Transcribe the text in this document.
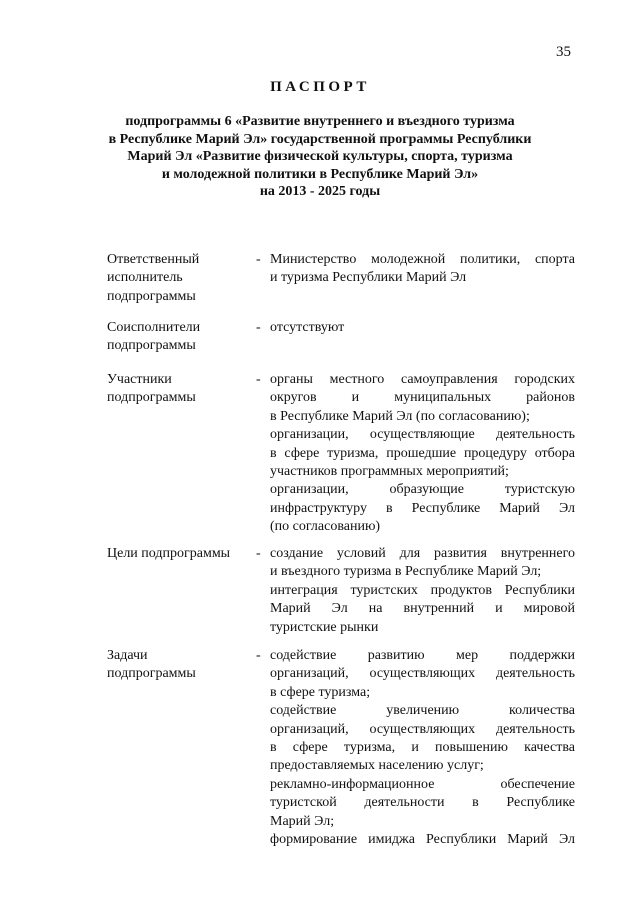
35
ПАСПОРТ
подпрограммы 6 «Развитие внутреннего и въездного туризма
в Республике Марий Эл» государственной программы Республики
Марий Эл «Развитие физической культуры, спорта, туризма
и молодежной политики в Республике Марий Эл»
на 2013 - 2025 годы
Ответственный
исполнитель
подпрограммы
- Министерство молодежной политики, спорта
и туризма Республики Марий Эл
Соисполнители
подпрограммы
- отсутствуют
Участники
подпрограммы
- органы местного самоуправления городских
округов и муниципальных районов
в Республике Марий Эл (по согласованию);
организации, осуществляющие деятельность
в сфере туризма, прошедшие процедуру отбора
участников программных мероприятий;
организации, образующие туристскую
инфраструктуру в Республике Марий Эл
(по согласованию)
Цели подпрограммы	- создание условий для развития внутреннего
и въездного туризма в Республике Марий Эл;
интеграция туристских продуктов Республики
Марий Эл на внутренний и мировой
туристские рынки
Задачи
подпрограммы
- содействие развитию мер поддержки
организаций, осуществляющих деятельность
в сфере туризма;
содействие увеличению количества
организаций, осуществляющих деятельность
в сфере туризма, и повышению качества
предоставляемых населению услуг;
рекламно-информационное обеспечение
туристской деятельности в Республике
Марий Эл;
формирование имиджа Республики Марий Эл
